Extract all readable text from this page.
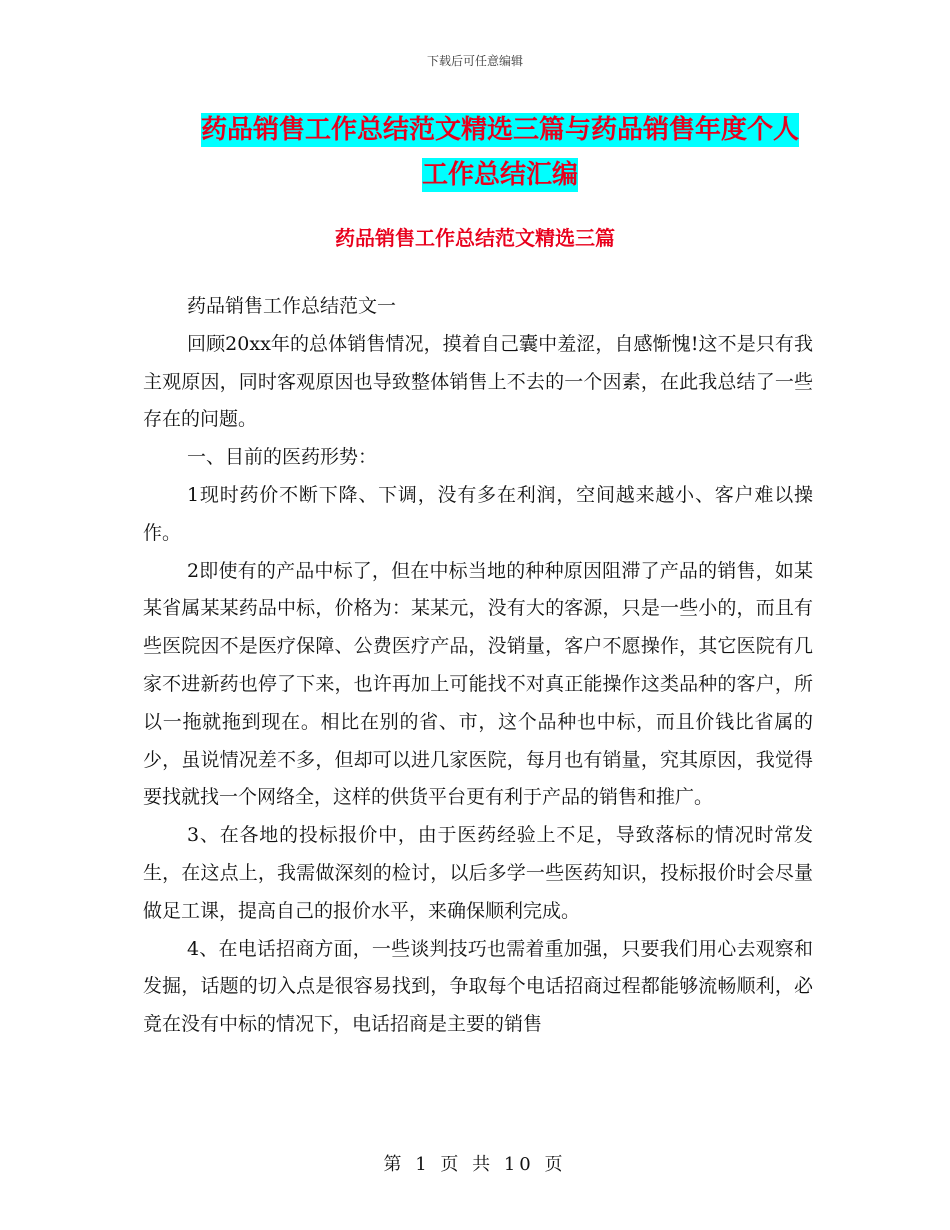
下载后可任意编辑
药品销售工作总结范文精选三篇与药品销售年度个人
工作总结汇编
药品销售工作总结范文精选三篇

药品销售工作总结范文一

回顾20xx年的总体销售情况，摸着自己囊中羞涩，自感惭愧!这不是只有我主观原因，同时客观原因也导致整体销售上不去的一个因素，在此我总结了一些存在的问题。

一、目前的医药形势：

1现时药价不断下降、下调，没有多在利润，空间越来越小、客户难以操作。

2即使有的产品中标了，但在中标当地的种种原因阻滞了产品的销售，如某某省属某某药品中标，价格为：某某元，没有大的客源，只是一些小的，而且有些医院因不是医疗保障、公费医疗产品，没销量，客户不愿操作，其它医院有几家不进新药也停了下来，也许再加上可能找不对真正能操作这类品种的客户，所以一拖就拖到现在。相比在别的省、市，这个品种也中标，而且价钱比省属的少，虽说情况差不多，但却可以进几家医院，每月也有销量，究其原因，我觉得要找就找一个网络全，这样的供货平台更有利于产品的销售和推广。

3、在各地的投标报价中，由于医药经验上不足，导致落标的情况时常发生，在这点上，我需做深刻的检讨，以后多学一些医药知识，投标报价时会尽量做足工课，提高自己的报价水平，来确保顺利完成。

4、在电话招商方面，一些谈判技巧也需着重加强，只要我们用心去观察和发掘，话题的切入点是很容易找到，争取每个电话招商过程都能够流畅顺利，必竟在没有中标的情况下，电话招商是主要的销售

第 1 页 共 10 页
